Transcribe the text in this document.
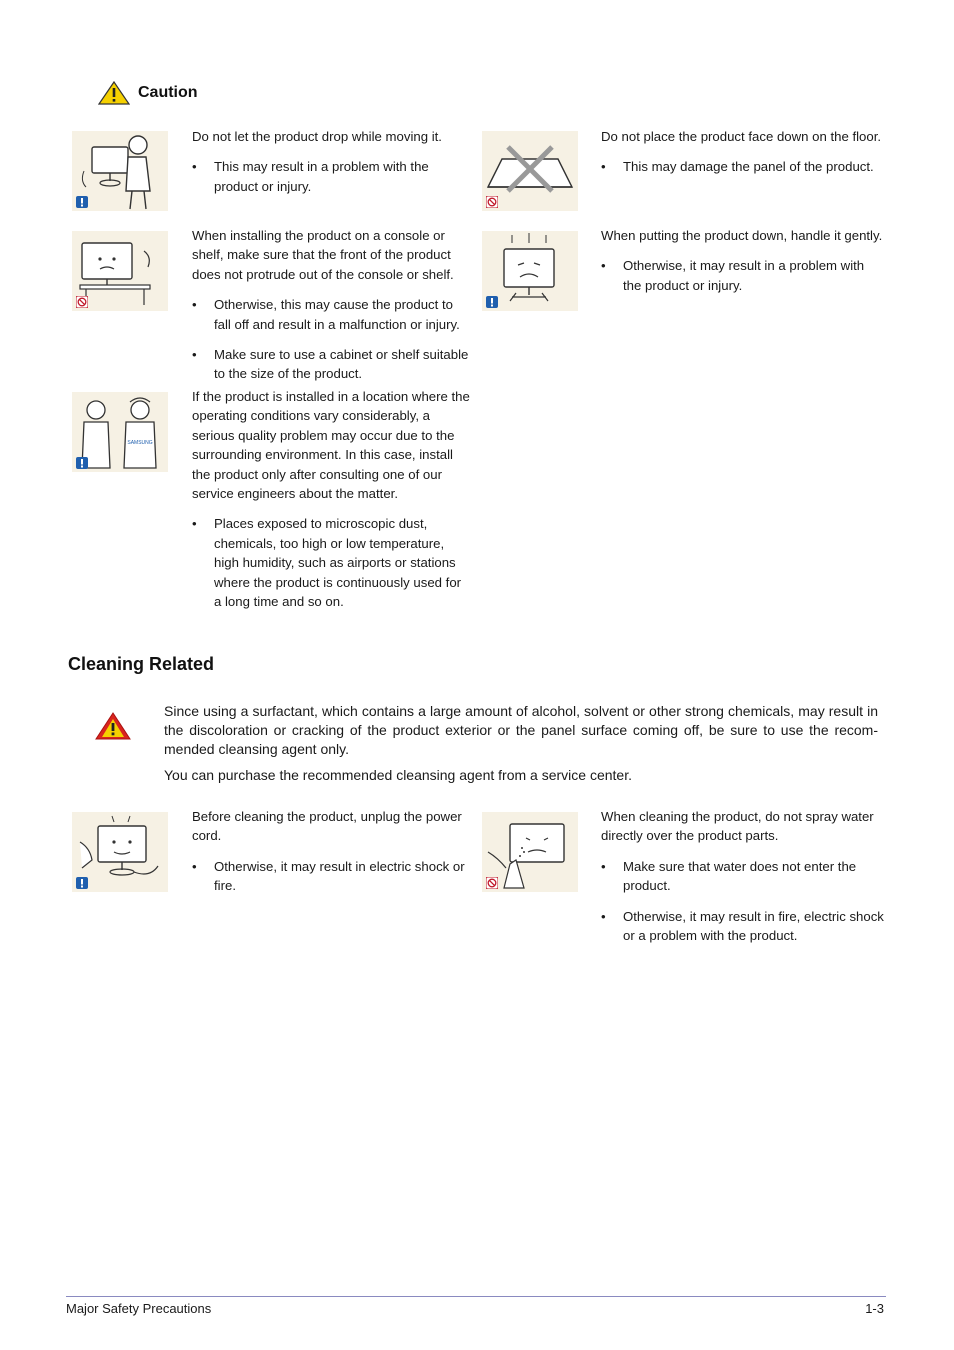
Caution

Do not let the product drop while moving it.

• This may result in a problem with the product or injury.

Do not place the product face down on the floor.

• This may damage the panel of the product.

When installing the product on a console or shelf, make sure that the front of the product does not protrude out of the console or shelf.

• Otherwise, this may cause the product to fall off and result in a malfunction or injury.
• Make sure to use a cabinet or shelf suitable to the size of the product.

When putting the product down, handle it gently.

• Otherwise, it may result in a problem with the product or injury.
SAMSUNG

If the product is installed in a location where the operating conditions vary considerably, a serious quality problem may occur due to the surrounding environment. In this case, install the product only after consulting one of our service engineers about the matter.

• Places exposed to microscopic dust, chemicals, too high or low temperature, high humidity, such as airports or stations where the product is continuously used for a long time and so on.
Cleaning Related
Since using a surfactant, which contains a large amount of alcohol, solvent or other strong chemicals, may result in the discoloration or cracking of the product exterior or the panel surface coming off, be sure to use the recom-mended cleansing agent only.
You can purchase the recommended cleansing agent from a service center.

Before cleaning the product, unplug the power cord.

• Otherwise, it may result in electric shock or fire.

When cleaning the product, do not spray water directly over the product parts.

• Make sure that water does not enter the product.
• Otherwise, it may result in fire, electric shock or a problem with the product.
Major Safety Precautions	1-3
